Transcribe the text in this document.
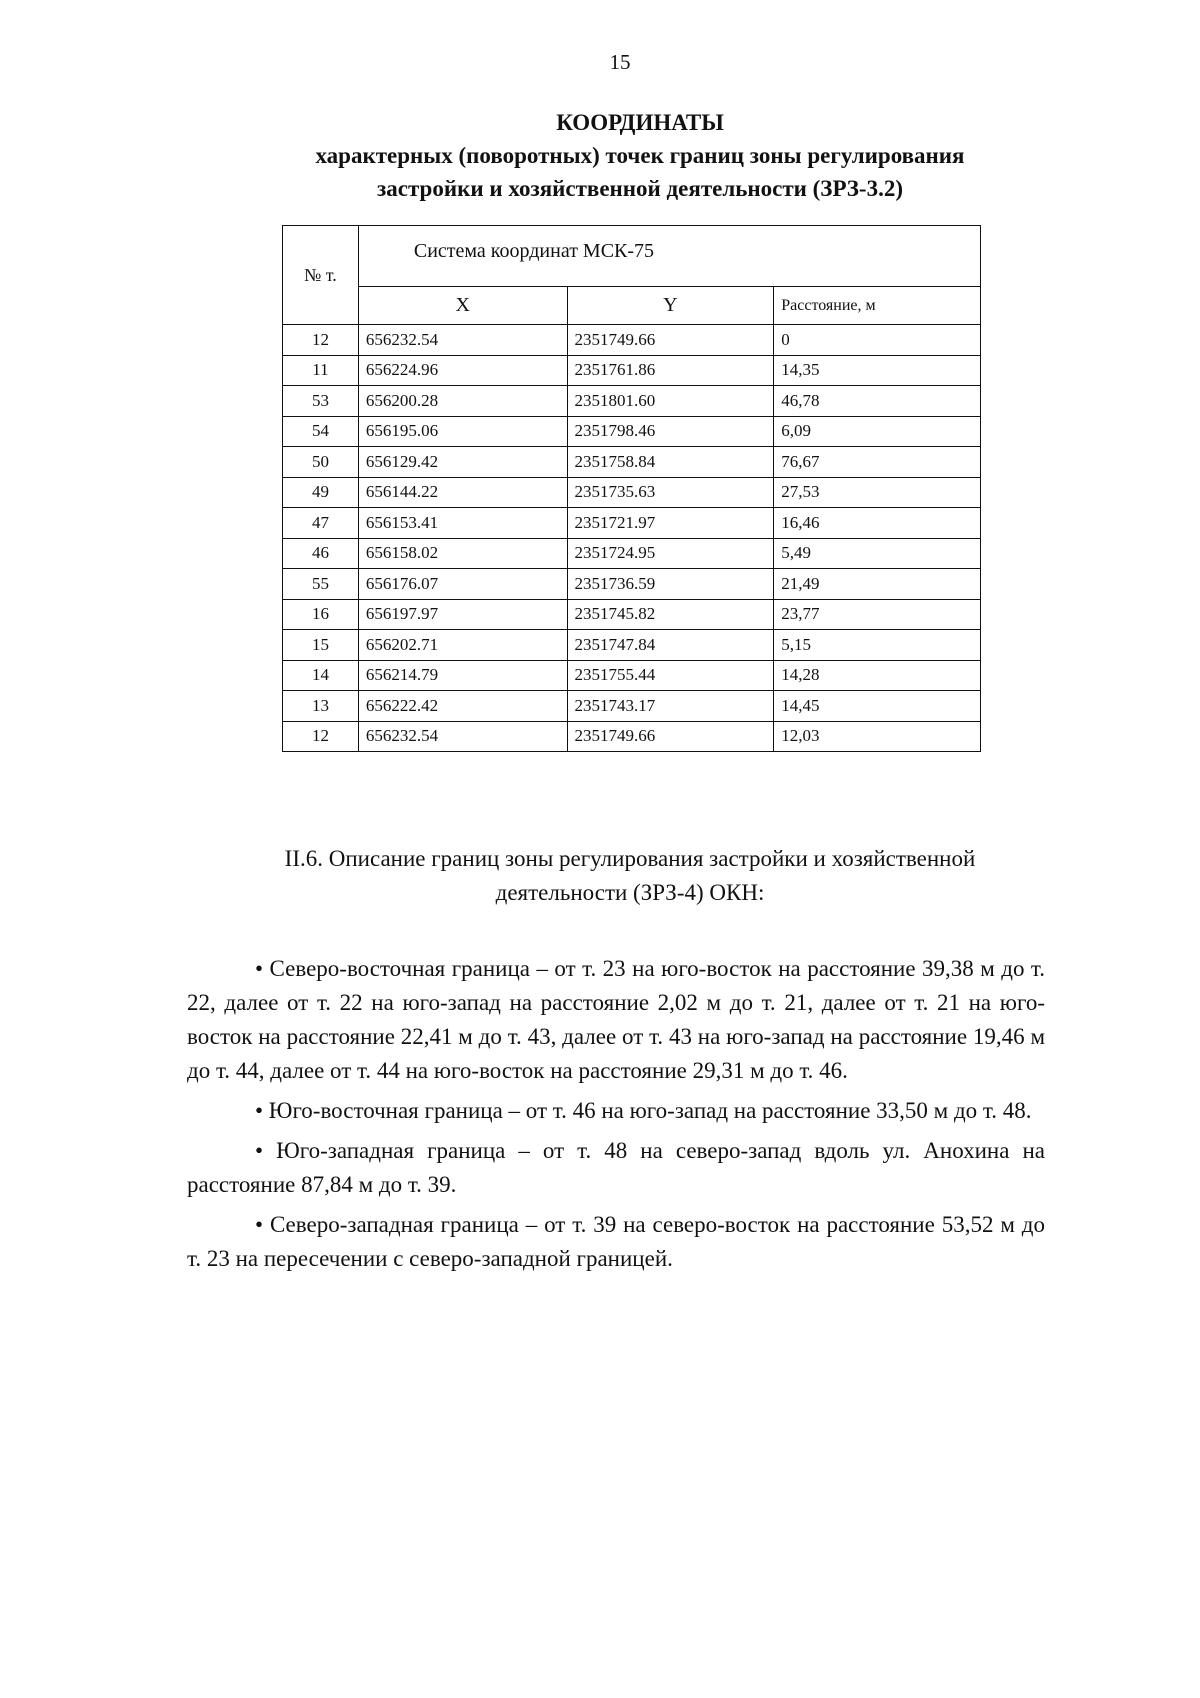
15
КООРДИНАТЫ
характерных (поворотных) точек границ зоны регулирования
застройки и хозяйственной деятельности (ЗРЗ-3.2)
№ т.	Система координат МСК-75		
	X	Y	Расстояние, м
12	656232.54	2351749.66	0
11	656224.96	2351761.86	14,35
53	656200.28	2351801.60	46,78
54	656195.06	2351798.46	6,09
50	656129.42	2351758.84	76,67
49	656144.22	2351735.63	27,53
47	656153.41	2351721.97	16,46
46	656158.02	2351724.95	5,49
55	656176.07	2351736.59	21,49
16	656197.97	2351745.82	23,77
15	656202.71	2351747.84	5,15
14	656214.79	2351755.44	14,28
13	656222.42	2351743.17	14,45
12	656232.54	2351749.66	12,03
II.6. Описание границ зоны регулирования застройки и хозяйственной
деятельности (ЗРЗ-4) ОКН:

• Северо-восточная граница – от т. 23 на юго-восток на расстояние 39,38 м до т. 22, далее от т. 22 на юго-запад на расстояние 2,02 м до т. 21, далее от т. 21 на юго-восток на расстояние 22,41 м до т. 43, далее от т. 43 на юго-запад на расстояние 19,46 м до т. 44, далее от т. 44 на юго-восток на расстояние 29,31 м до т. 46.

• Юго-восточная граница – от т. 46 на юго-запад на расстояние 33,50 м до т. 48.

• Юго-западная граница – от т. 48 на северо-запад вдоль ул. Анохина на расстояние 87,84 м до т. 39.

• Северо-западная граница – от т. 39 на северо-восток на расстояние 53,52 м до т. 23 на пересечении с северо-западной границей.
